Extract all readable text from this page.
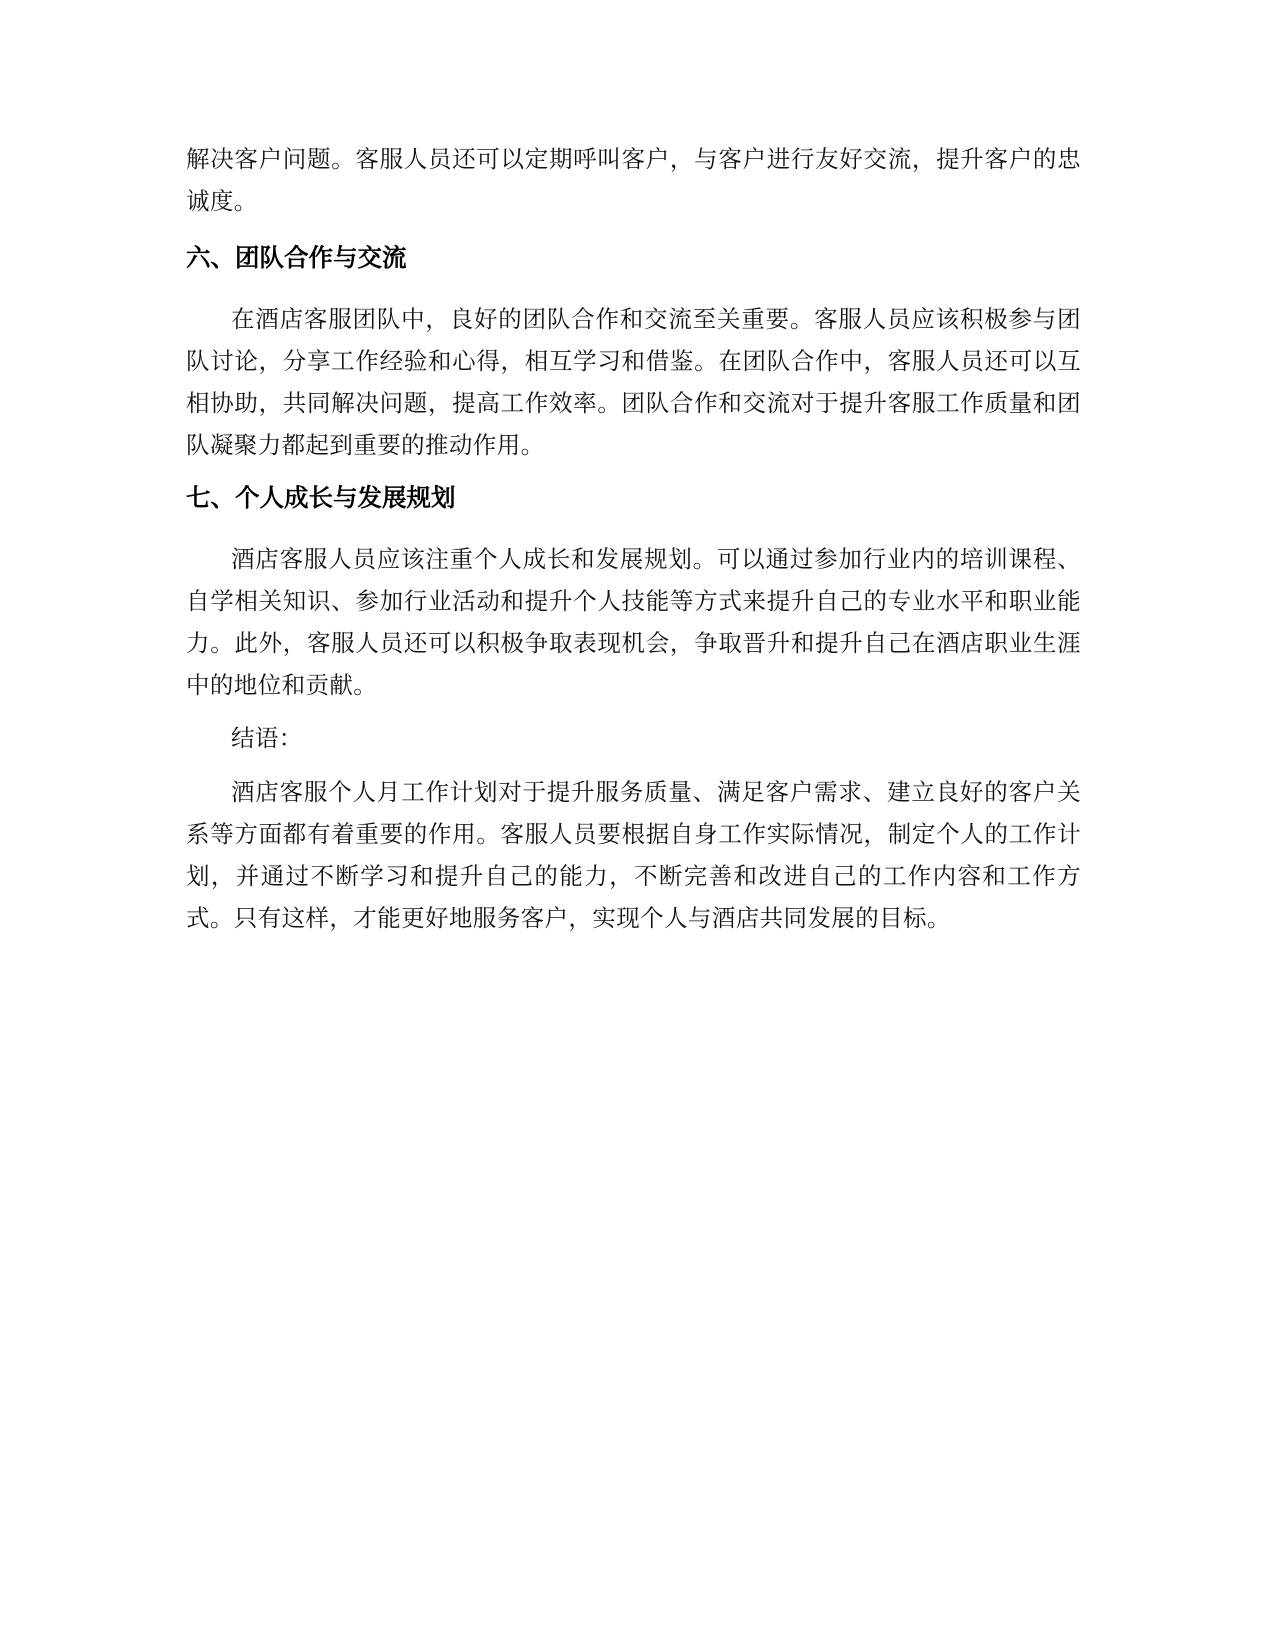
解决客户问题。客服人员还可以定期呼叫客户，与客户进行友好交流，提升客户的忠诚度。

六、团队合作与交流

在酒店客服团队中，良好的团队合作和交流至关重要。客服人员应该积极参与团队讨论，分享工作经验和心得，相互学习和借鉴。在团队合作中，客服人员还可以互相协助，共同解决问题，提高工作效率。团队合作和交流对于提升客服工作质量和团队凝聚力都起到重要的推动作用。

七、个人成长与发展规划

酒店客服人员应该注重个人成长和发展规划。可以通过参加行业内的培训课程、自学相关知识、参加行业活动和提升个人技能等方式来提升自己的专业水平和职业能力。此外，客服人员还可以积极争取表现机会，争取晋升和提升自己在酒店职业生涯中的地位和贡献。

结语：

酒店客服个人月工作计划对于提升服务质量、满足客户需求、建立良好的客户关系等方面都有着重要的作用。客服人员要根据自身工作实际情况，制定个人的工作计划，并通过不断学习和提升自己的能力，不断完善和改进自己的工作内容和工作方式。只有这样，才能更好地服务客户，实现个人与酒店共同发展的目标。
